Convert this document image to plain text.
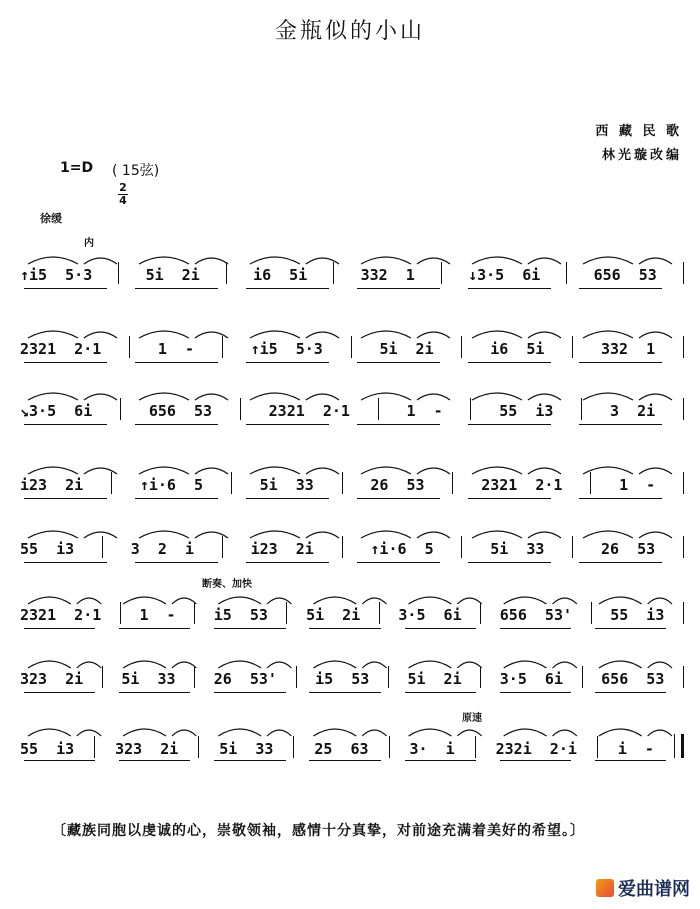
金瓶似的小山
西 藏 民 歌
林光璇改编
1=D ( 15弦)
2
4
徐缓
内
断奏、加快
原速
↑i5  5·3	5i  2i	i6  5i	332  1	↓3·5  6i	656  53
2321  2·1	1  -	↑i5  5·3	5i  2i	i6  5i	332  1
↘3·5  6i	656  53	2321  2·1	1  -	55  i3	3  2i
i23  2i	↑i·6  5	5i  33	26  53	2321  2·1	1  -
55  i3	3  2  i	i23  2i	↑i·6  5	5i  33	26  53
2321  2·1	1  -	i5  53	5i  2i	3·5  6i	656  53'	55  i3
323  2i	5i  33	26  53'	i5  53	5i  2i	3·5  6i	656  53
55  i3	323  2i	5i  33	25  63	3·  i	232i  2·i	i  -
〔藏族同胞以虔诚的心，崇敬领袖，感情十分真挚，对前途充满着美好的希望。〕
爱曲谱网
